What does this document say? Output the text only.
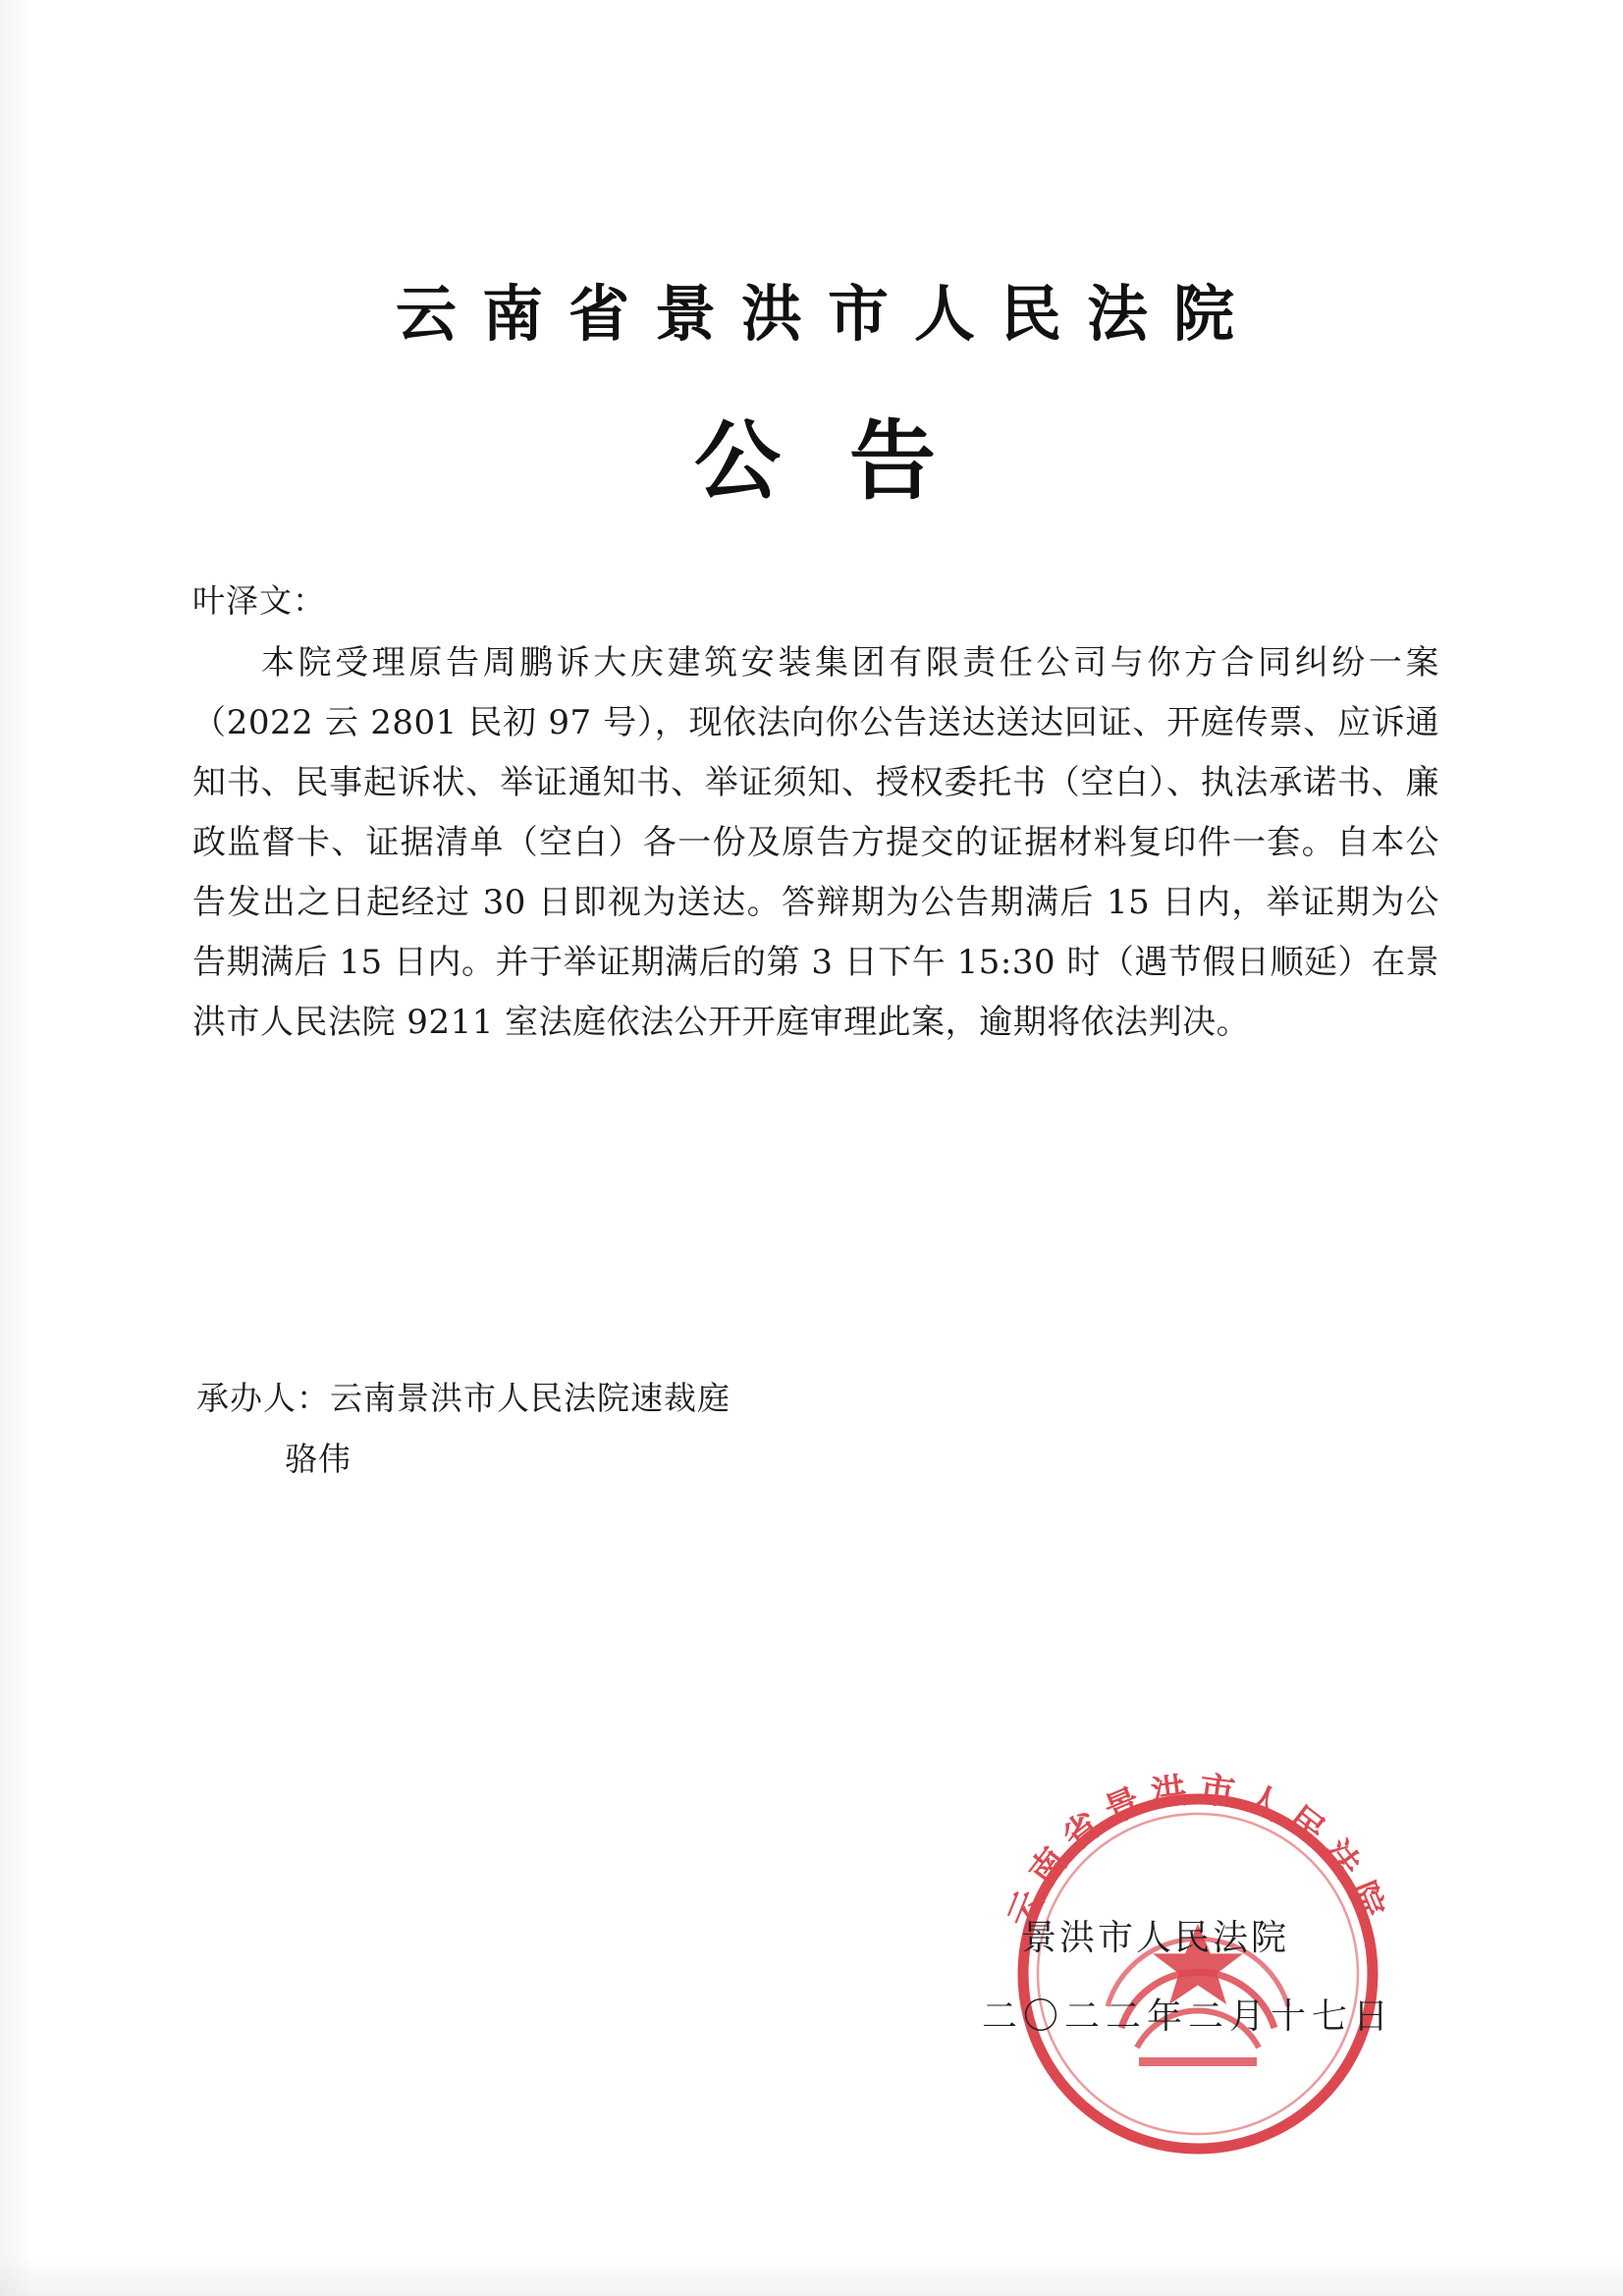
云南省景洪市人民法院
公告
叶泽文：

本院受理原告周鹏诉大庆建筑安装集团有限责任公司与你方合同纠纷一案（2022 云 2801 民初 97 号），现依法向你公告送达送达回证、开庭传票、应诉通知书、民事起诉状、举证通知书、举证须知、授权委托书（空白）、执法承诺书、廉政监督卡、证据清单（空白）各一份及原告方提交的证据材料复印件一套。自本公告发出之日起经过 30 日即视为送达。答辩期为公告期满后 15 日内，举证期为公告期满后 15 日内。并于举证期满后的第 3 日下午 15:30 时（遇节假日顺延）在景洪市人民法院 9211 室法庭依法公开开庭审理此案，逾期将依法判决。

承办人：云南景洪市人民法院速裁庭
骆伟
云南省景洪市人民法院
景洪市人民法院
二〇二二年二月十七日
